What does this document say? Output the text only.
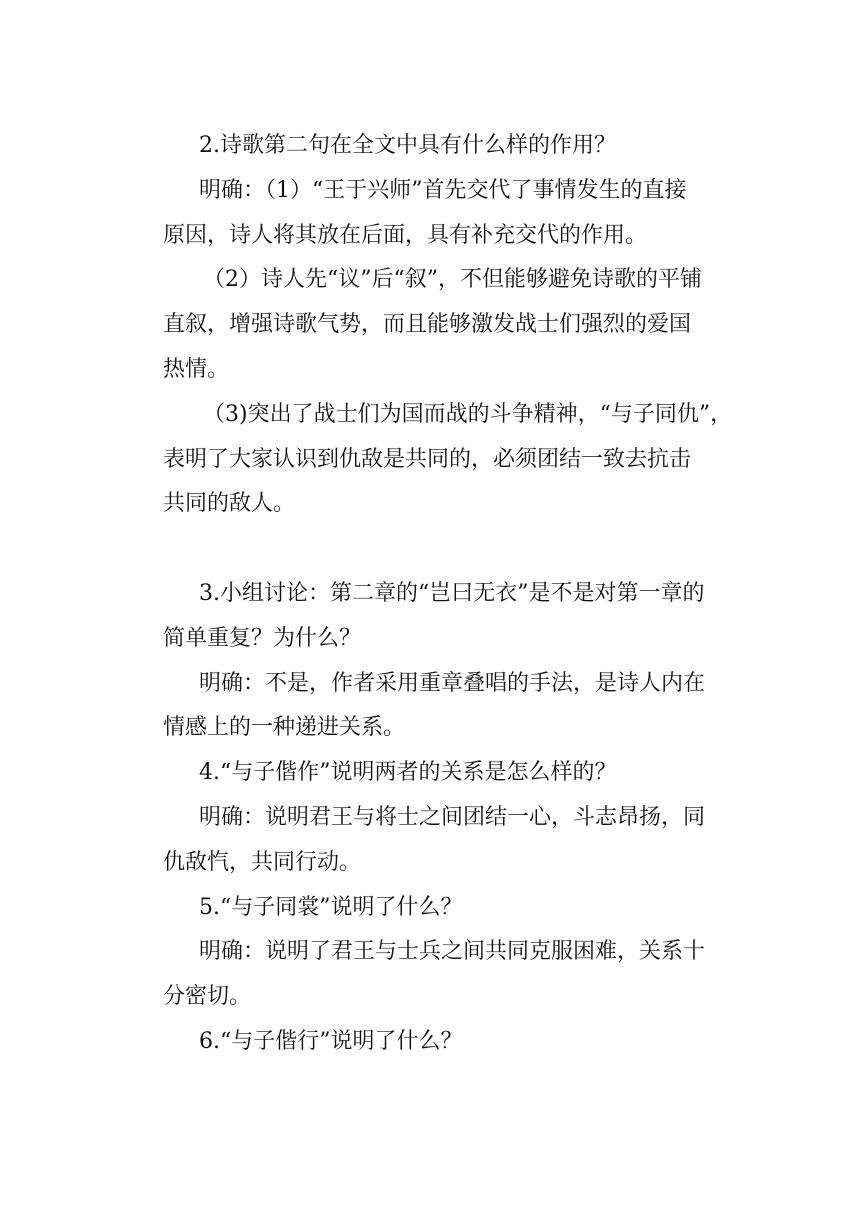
2.诗歌第二句在全文中具有什么样的作用？
明确：（1）“王于兴师”首先交代了事情发生的直接
原因，诗人将其放在后面，具有补充交代的作用。
（2）诗人先“议”后“叙”，不但能够避免诗歌的平铺
直叙，增强诗歌气势，而且能够激发战士们强烈的爱国
热情。
（3)突出了战士们为国而战的斗争精神，“与子同仇”，
表明了大家认识到仇敌是共同的，必须团结一致去抗击
共同的敌人。
3.小组讨论：第二章的“岂曰无衣”是不是对第一章的
简单重复？为什么？
明确：不是，作者采用重章叠唱的手法，是诗人内在
情感上的一种递进关系。
4.“与子偕作”说明两者的关系是怎么样的？
明确：说明君王与将士之间团结一心，斗志昂扬，同
仇敌忾，共同行动。
5.“与子同裳”说明了什么？
明确：说明了君王与士兵之间共同克服困难，关系十
分密切。
6.“与子偕行”说明了什么？
